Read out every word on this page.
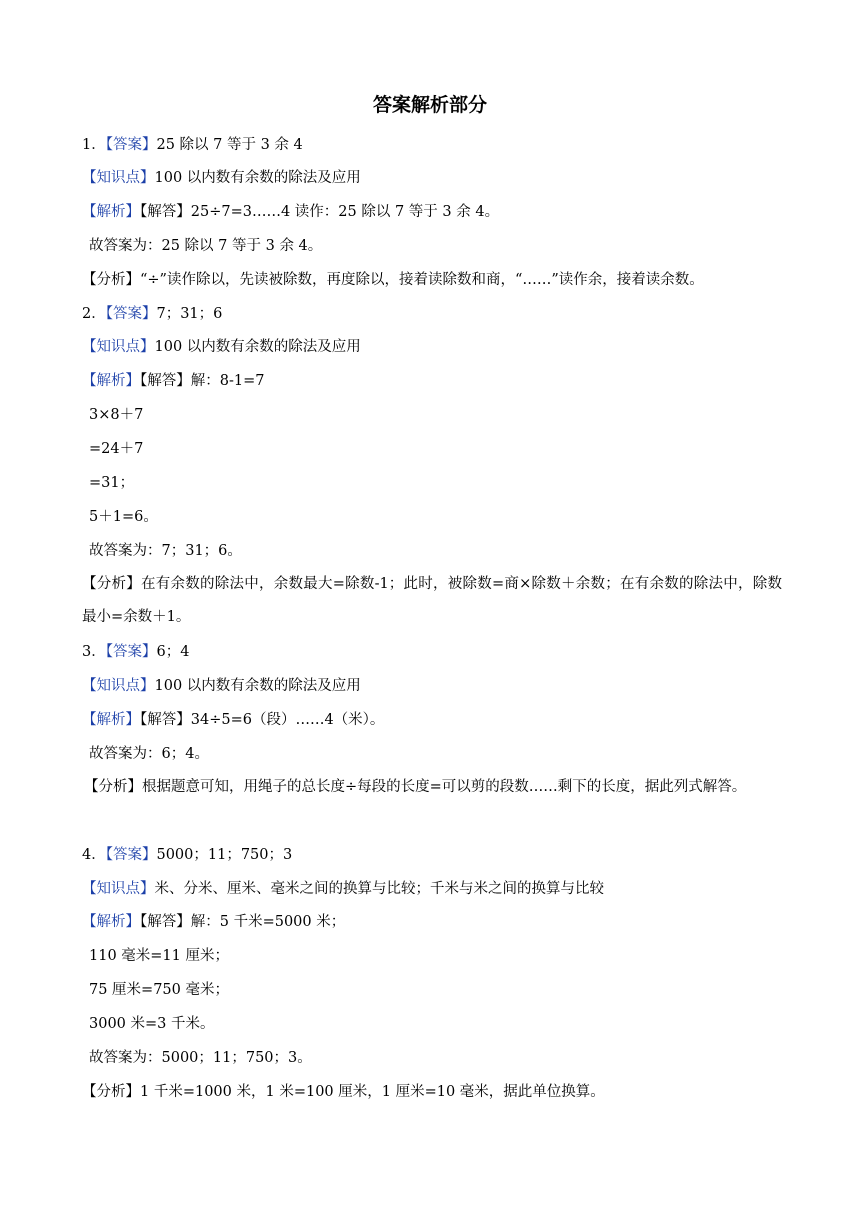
答案解析部分

1．【答案】25 除以 7 等于 3 余 4

【知识点】100 以内数有余数的除法及应用

【解析】【解答】25÷7=3……4 读作：25 除以 7 等于 3 余 4。

故答案为：25 除以 7 等于 3 余 4。

【分析】“÷”读作除以，先读被除数，再度除以，接着读除数和商，“……”读作余，接着读余数。

2．【答案】7；31；6

【知识点】100 以内数有余数的除法及应用

【解析】【解答】解：8-1=7

3×8＋7

=24＋7

=31；

5＋1=6。

故答案为：7；31；6。

【分析】在有余数的除法中，余数最大=除数-1；此时，被除数=商×除数＋余数；在有余数的除法中，除数最小=余数＋1。

3．【答案】6；4

【知识点】100 以内数有余数的除法及应用

【解析】【解答】34÷5=6（段）……4（米）。

故答案为：6；4。

【分析】根据题意可知，用绳子的总长度÷每段的长度=可以剪的段数……剩下的长度，据此列式解答。

4．【答案】5000；11；750；3

【知识点】米、分米、厘米、毫米之间的换算与比较；千米与米之间的换算与比较

【解析】【解答】解：5 千米=5000 米；

110 毫米=11 厘米；

75 厘米=750 毫米；

3000 米=3 千米。

故答案为：5000；11；750；3。

【分析】1 千米=1000 米，1 米=100 厘米，1 厘米=10 毫米，据此单位换算。
